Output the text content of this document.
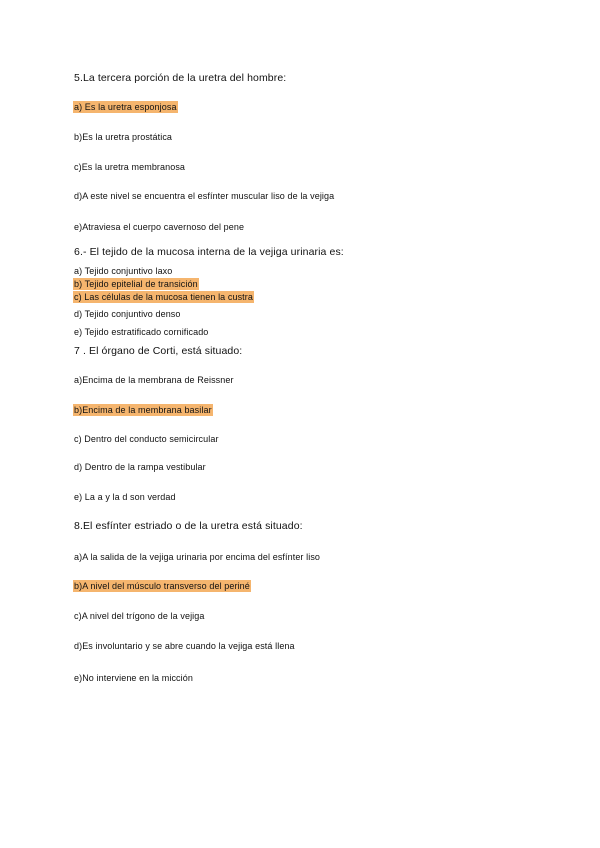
5.La tercera porción de la uretra del hombre:
a) Es la uretra esponjosa
b)Es la uretra prostática
c)Es la uretra membranosa
d)A este nivel se encuentra el esfínter muscular liso de la vejiga
e)Atraviesa el cuerpo cavernoso del pene
6.- El tejido de la mucosa interna de la vejiga urinaria es:
a) Tejido conjuntivo laxo
b) Tejido epitelial de transición
c) Las células de la mucosa tienen la custra
d) Tejido conjuntivo denso
e) Tejido estratificado cornificado
7 . El órgano de Corti, está situado:
a)Encima de la membrana de Reissner
b)Encima de la membrana basilar
c) Dentro del conducto semicircular
d) Dentro de la rampa vestibular
e) La a y la d son verdad
8.El esfínter estriado o de la uretra está situado:
a)A la salida de la vejiga urinaria por encima del esfínter liso
b)A nivel del músculo transverso del periné
c)A nivel del trígono de la vejiga
d)Es involuntario y se abre cuando la vejiga está llena
e)No interviene en la micción
